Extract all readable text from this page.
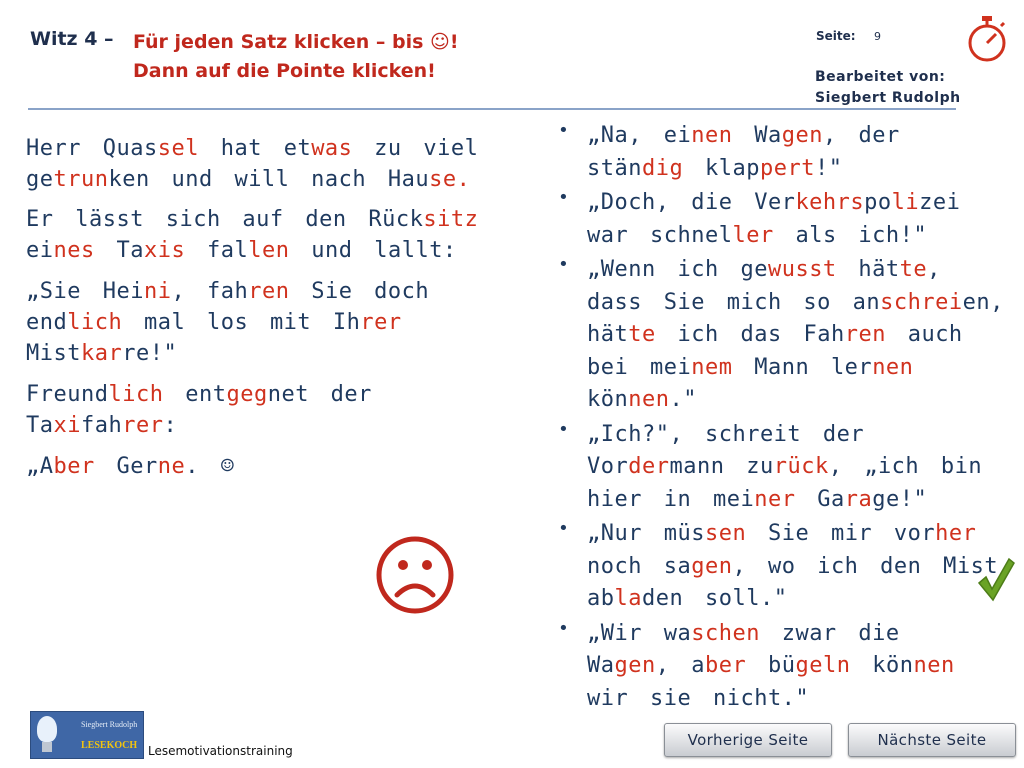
Witz 4 – Für jeden Satz klicken – bis ☺!
Dann auf die Pointe klicken!
Seite: 9
Bearbeitet von:
Siegbert Rudolph
Herr Quassel hat etwas zu viel
getrunken und will nach Hause.
Er lässt sich auf den Rücksitz
eines Taxis fallen und lallt:
„Sie Heini, fahren Sie doch
endlich mal los mit Ihrer
Mistkarre!"
Freundlich entgegnet der
Taxifahrer:
„Aber Gerne. ☺
• „Na, einen Wagen, der
ständig klappert!"
• „Doch, die Verkehrspolizei
war schneller als ich!"
• „Wenn ich gewusst hätte,
dass Sie mich so anschreien,
hätte ich das Fahren auch
bei meinem Mann lernen
können."
• „Ich?", schreit der
Vordermann zurück, „ich bin
hier in meiner Garage!"
• „Nur müssen Sie mir vorher
noch sagen, wo ich den Mist
abladen soll."
• „Wir waschen zwar die
Wagen, aber bügeln können
wir sie nicht."
Siegbert Rudolph
LESEKOCH Lesemotivationstraining
Vorherige Seite	Nächste Seite
